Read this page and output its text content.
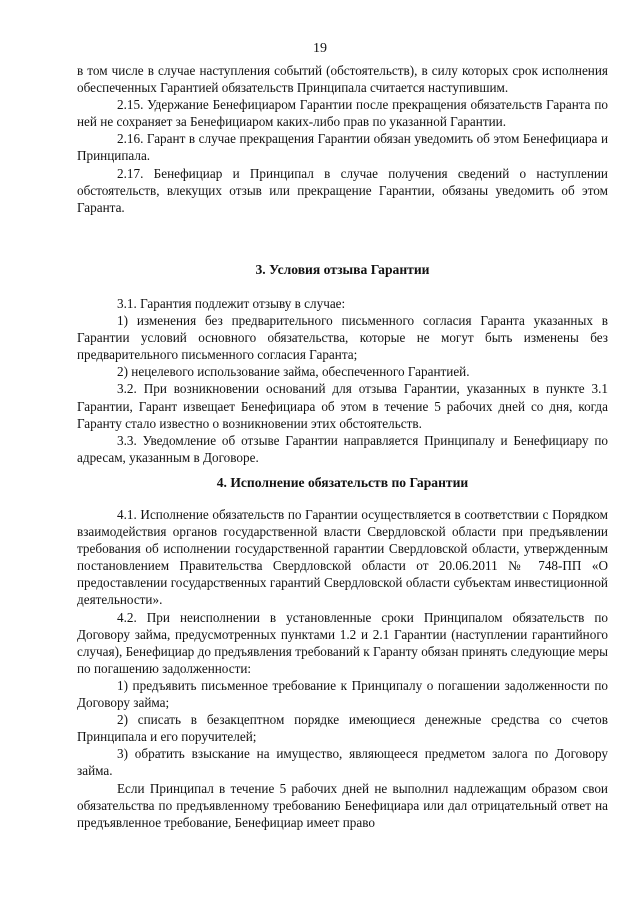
19

в том числе в случае наступления событий (обстоятельств), в силу которых срок исполнения обеспеченных Гарантией обязательств Принципала считается наступившим.

2.15. Удержание Бенефициаром Гарантии после прекращения обязательств Гаранта по ней не сохраняет за Бенефициаром каких-либо прав по указанной Гарантии.

2.16. Гарант в случае прекращения Гарантии обязан уведомить об этом Бенефициара и Принципала.

2.17. Бенефициар и Принципал в случае получения сведений о наступлении обстоятельств, влекущих отзыв или прекращение Гарантии, обязаны уведомить об этом Гаранта.

3. Условия отзыва Гарантии

3.1. Гарантия подлежит отзыву в случае:

1) изменения без предварительного письменного согласия Гаранта указанных в Гарантии условий основного обязательства, которые не могут быть изменены без предварительного письменного согласия Гаранта;

2) нецелевого использование займа, обеспеченного Гарантией.

3.2. При возникновении оснований для отзыва Гарантии, указанных в пункте 3.1 Гарантии, Гарант извещает Бенефициара об этом в течение 5 рабочих дней со дня, когда Гаранту стало известно о возникновении этих обстоятельств.

3.3. Уведомление об отзыве Гарантии направляется Принципалу и Бенефициару по адресам, указанным в Договоре.

4. Исполнение обязательств по Гарантии

4.1. Исполнение обязательств по Гарантии осуществляется в соответствии с Порядком взаимодействия органов государственной власти Свердловской области при предъявлении требования об исполнении государственной гарантии Свердловской области, утвержденным постановлением Правительства Свердловской области от 20.06.2011 № 748-ПП «О предоставлении государственных гарантий Свердловской области субъектам инвестиционной деятельности».

4.2. При неисполнении в установленные сроки Принципалом обязательств по Договору займа, предусмотренных пунктами 1.2 и 2.1 Гарантии (наступлении гарантийного случая), Бенефициар до предъявления требований к Гаранту обязан принять следующие меры по погашению задолженности:

1) предъявить письменное требование к Принципалу о погашении задолженности по Договору займа;

2) списать в безакцептном порядке имеющиеся денежные средства со счетов Принципала и его поручителей;

3) обратить взыскание на имущество, являющееся предметом залога по Договору займа.

Если Принципал в течение 5 рабочих дней не выполнил надлежащим образом свои обязательства по предъявленному требованию Бенефициара или дал отрицательный ответ на предъявленное требование, Бенефициар имеет право
